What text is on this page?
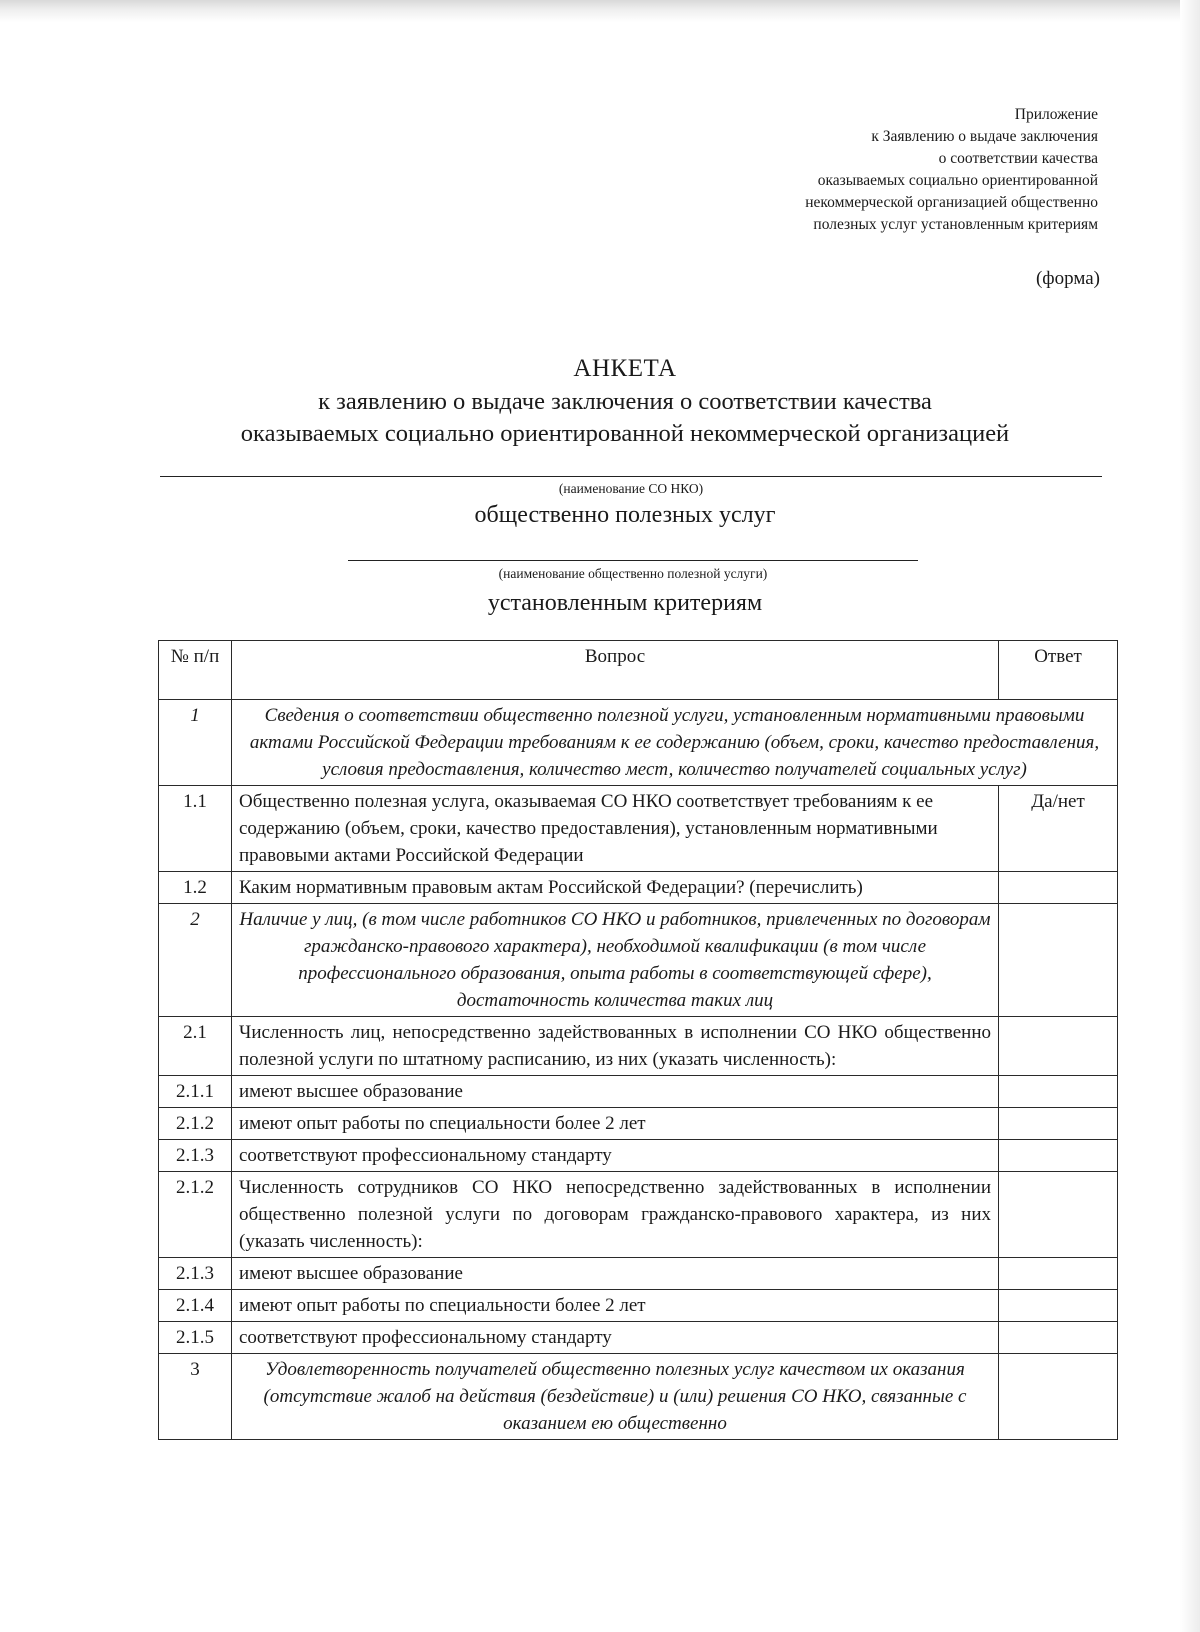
Приложение
к Заявлению о выдаче заключения
о соответствии качества
оказываемых социально ориентированной
некоммерческой организацией общественно
полезных услуг установленным критериям
(форма)
АНКЕТА
к заявлению о выдаче заключения о соответствии качества
оказываемых социально ориентированной некоммерческой организацией
(наименование СО НКО)
общественно полезных услуг
(наименование общественно полезной услуги)
установленным критериям
№ п/п	Вопрос	Ответ
1	Сведения о соответствии общественно полезной услуги, установленным нормативными правовыми актами Российской Федерации требованиям к ее содержанию (объем, сроки, качество предоставления, условия предоставления, количество мест, количество получателей социальных услуг)	
1.1	Общественно полезная услуга, оказываемая СО НКО соответствует требованиям к ее содержанию (объем, сроки, качество предоставления), установленным нормативными правовыми актами Российской Федерации	Да/нет
1.2	Каким нормативным правовым актам Российской Федерации? (перечислить)	
2	Наличие у лиц, (в том числе работников СО НКО и работников, привлеченных по договорам гражданско-правового характера), необходимой квалификации (в том числе профессионального образования, опыта работы в соответствующей сфере), достаточность количества таких лиц	
2.1	Численность лиц, непосредственно задействованных в исполнении СО НКО общественно полезной услуги по штатному расписанию, из них (указать численность):	
2.1.1	имеют высшее образование	
2.1.2	имеют опыт работы по специальности более 2 лет	
2.1.3	соответствуют профессиональному стандарту	
2.1.2	Численность сотрудников СО НКО непосредственно задействованных в исполнении общественно полезной услуги по договорам гражданско-правового характера, из них (указать численность):	
2.1.3	имеют высшее образование	
2.1.4	имеют опыт работы по специальности более 2 лет	
2.1.5	соответствуют профессиональному стандарту	
3	Удовлетворенность получателей общественно полезных услуг качеством их оказания (отсутствие жалоб на действия (бездействие) и (или) решения СО НКО, связанные с оказанием ею общественно	
